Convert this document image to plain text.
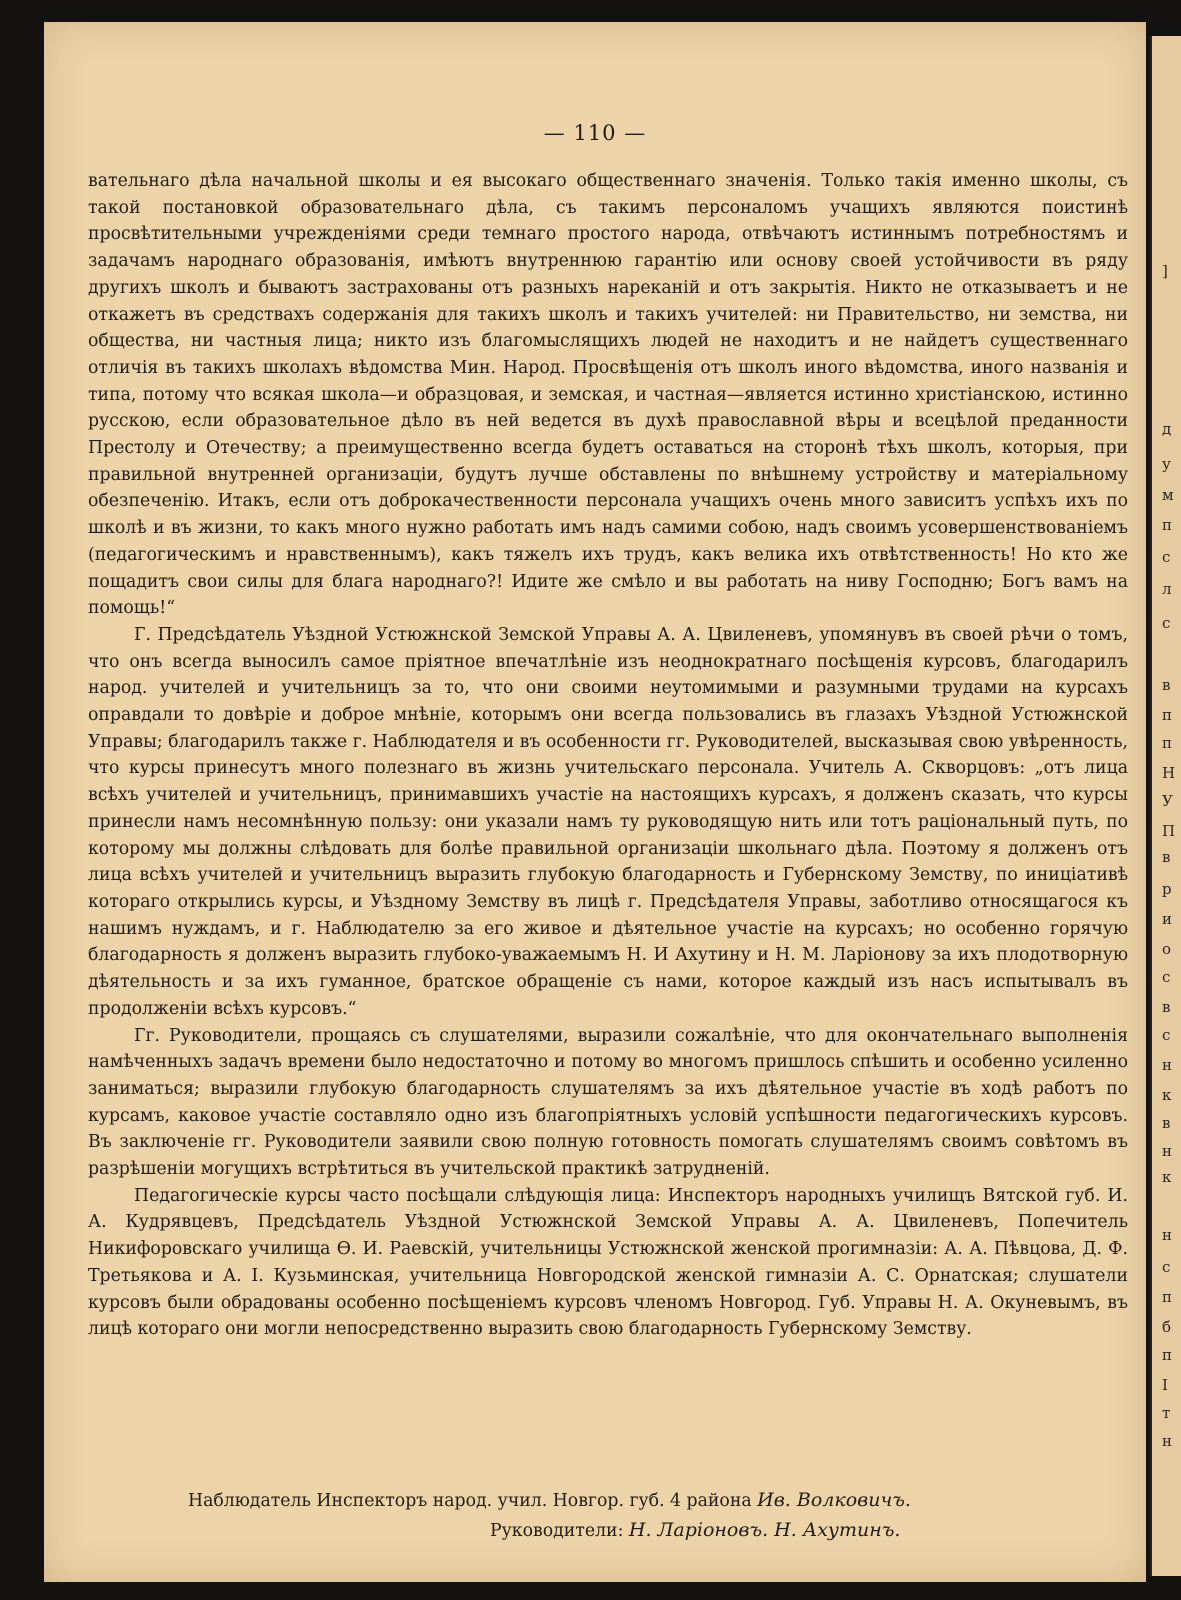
— 110 —

вательнаго дѣла начальной школы и ея высокаго общественнаго значенія. Только такія именно школы, съ такой постановкой образовательнаго дѣла, съ такимъ персоналомъ учащихъ являются поистинѣ просвѣтительными учрежденіями среди темнаго простого народа, отвѣчаютъ истиннымъ потребностямъ и задачамъ народнаго образованія, имѣютъ внутреннюю гарантію или основу своей устойчивости въ ряду другихъ школъ и бываютъ застрахованы отъ разныхъ нареканій и отъ закрытія. Никто не отказываетъ и не откажетъ въ средствахъ содержанія для такихъ школъ и такихъ учителей: ни Правительство, ни земства, ни общества, ни частныя лица; никто изъ благомыслящихъ людей не находитъ и не найдетъ существеннаго отличія въ такихъ школахъ вѣдомства Мин. Народ. Просвѣщенія отъ школъ иного вѣдомства, иного названія и типа, потому что всякая школа—и образцовая, и земская, и частная—является истинно христіанскою, истинно русскою, если образовательное дѣло въ ней ведется въ духѣ православной вѣры и всецѣлой преданности Престолу и Отечеству; а преимущественно всегда будетъ оставаться на сторонѣ тѣхъ школъ, которыя, при правильной внутренней организаціи, будутъ лучше обставлены по внѣшнему устройству и матеріальному обезпеченію. Итакъ, если отъ доброкачественности персонала учащихъ очень много зависитъ успѣхъ ихъ по школѣ и въ жизни, то какъ много нужно работать имъ надъ самими собою, надъ своимъ усовершенствованіемъ (педагогическимъ и нравственнымъ), какъ тяжелъ ихъ трудъ, какъ велика ихъ отвѣтственность! Но кто же пощадитъ свои силы для блага народнаго?! Идите же смѣло и вы работать на ниву Господню; Богъ вамъ на помощь!“

Г. Предсѣдатель Уѣздной Устюжнской Земской Управы А. А. Цвиленевъ, упомянувъ въ своей рѣчи о томъ, что онъ всегда выносилъ самое пріятное впечатлѣніе изъ неоднократнаго посѣщенія курсовъ, благодарилъ народ. учителей и учительницъ за то, что они своими неутомимыми и разумными трудами на курсахъ оправдали то довѣріе и доброе мнѣніе, которымъ они всегда пользовались въ глазахъ Уѣздной Устюжнской Управы; благодарилъ также г. Наблюдателя и въ особенности гг. Руководителей, высказывая свою увѣренность, что курсы принесутъ много полезнаго въ жизнь учительскаго персонала. Учитель А. Скворцовъ: „отъ лица всѣхъ учителей и учительницъ, принимавшихъ участіе на настоящихъ курсахъ, я долженъ сказать, что курсы принесли намъ несомнѣнную пользу: они указали намъ ту руководящую нить или тотъ раціональный путь, по которому мы должны слѣдовать для болѣе правильной организаціи школьнаго дѣла. Поэтому я долженъ отъ лица всѣхъ учителей и учительницъ выразить глубокую благодарность и Губернскому Земству, по иниціативѣ котораго открылись курсы, и Уѣздному Земству въ лицѣ г. Предсѣдателя Управы, заботливо относящагося къ нашимъ нуждамъ, и г. Наблюдателю за его живое и дѣятельное участіе на курсахъ; но особенно горячую благодарность я долженъ выразить глубоко-уважаемымъ Н. И Ахутину и Н. М. Ларіонову за ихъ плодотворную дѣятельность и за ихъ гуманное, братское обращеніе съ нами, которое каждый изъ насъ испытывалъ въ продолженіи всѣхъ курсовъ.“

Гг. Руководители, прощаясь съ слушателями, выразили сожалѣніе, что для окончательнаго выполненія намѣченныхъ задачъ времени было недостаточно и потому во многомъ пришлось спѣшить и особенно усиленно заниматься; выразили глубокую благодарность слушателямъ за ихъ дѣятельное участіе въ ходѣ работъ по курсамъ, каковое участіе составляло одно изъ благопріятныхъ условій успѣшности педагогическихъ курсовъ. Въ заключеніе гг. Руководители заявили свою полную готовность помогать слушателямъ своимъ совѣтомъ въ разрѣшеніи могущихъ встрѣтиться въ учительской практикѣ затрудненій.

Педагогическіе курсы часто посѣщали слѣдующія лица: Инспекторъ народныхъ училищъ Вятской губ. И. А. Кудрявцевъ, Предсѣдатель Уѣздной Устюжнской Земской Управы А. А. Цвиленевъ, Попечитель Никифоровскаго училища Ѳ. И. Раевскій, учительницы Устюжнской женской прогимназіи: А. А. Пѣвцова, Д. Ф. Третьякова и А. І. Кузьминская, учительница Новгородской женской гимназіи А. С. Орнатская; слушатели курсовъ были обрадованы особенно посѣщеніемъ курсовъ членомъ Новгород. Губ. Управы Н. А. Окуневымъ, въ лицѣ котораго они могли непосредственно выразить свою благодарность Губернскому Земству.

Наблюдатель Инспекторъ народ. учил. Новгор. губ. 4 района Ив. Волковичъ.
Руководители: Н. Ларіоновъ. Н. Ахутинъ.
]
д
у
м
п
с
л
с
в
п
п
Н
У
П
в
р
и
о
с
в
с
н
к
в
н
к
н
с
п
б
п
І
т
н
